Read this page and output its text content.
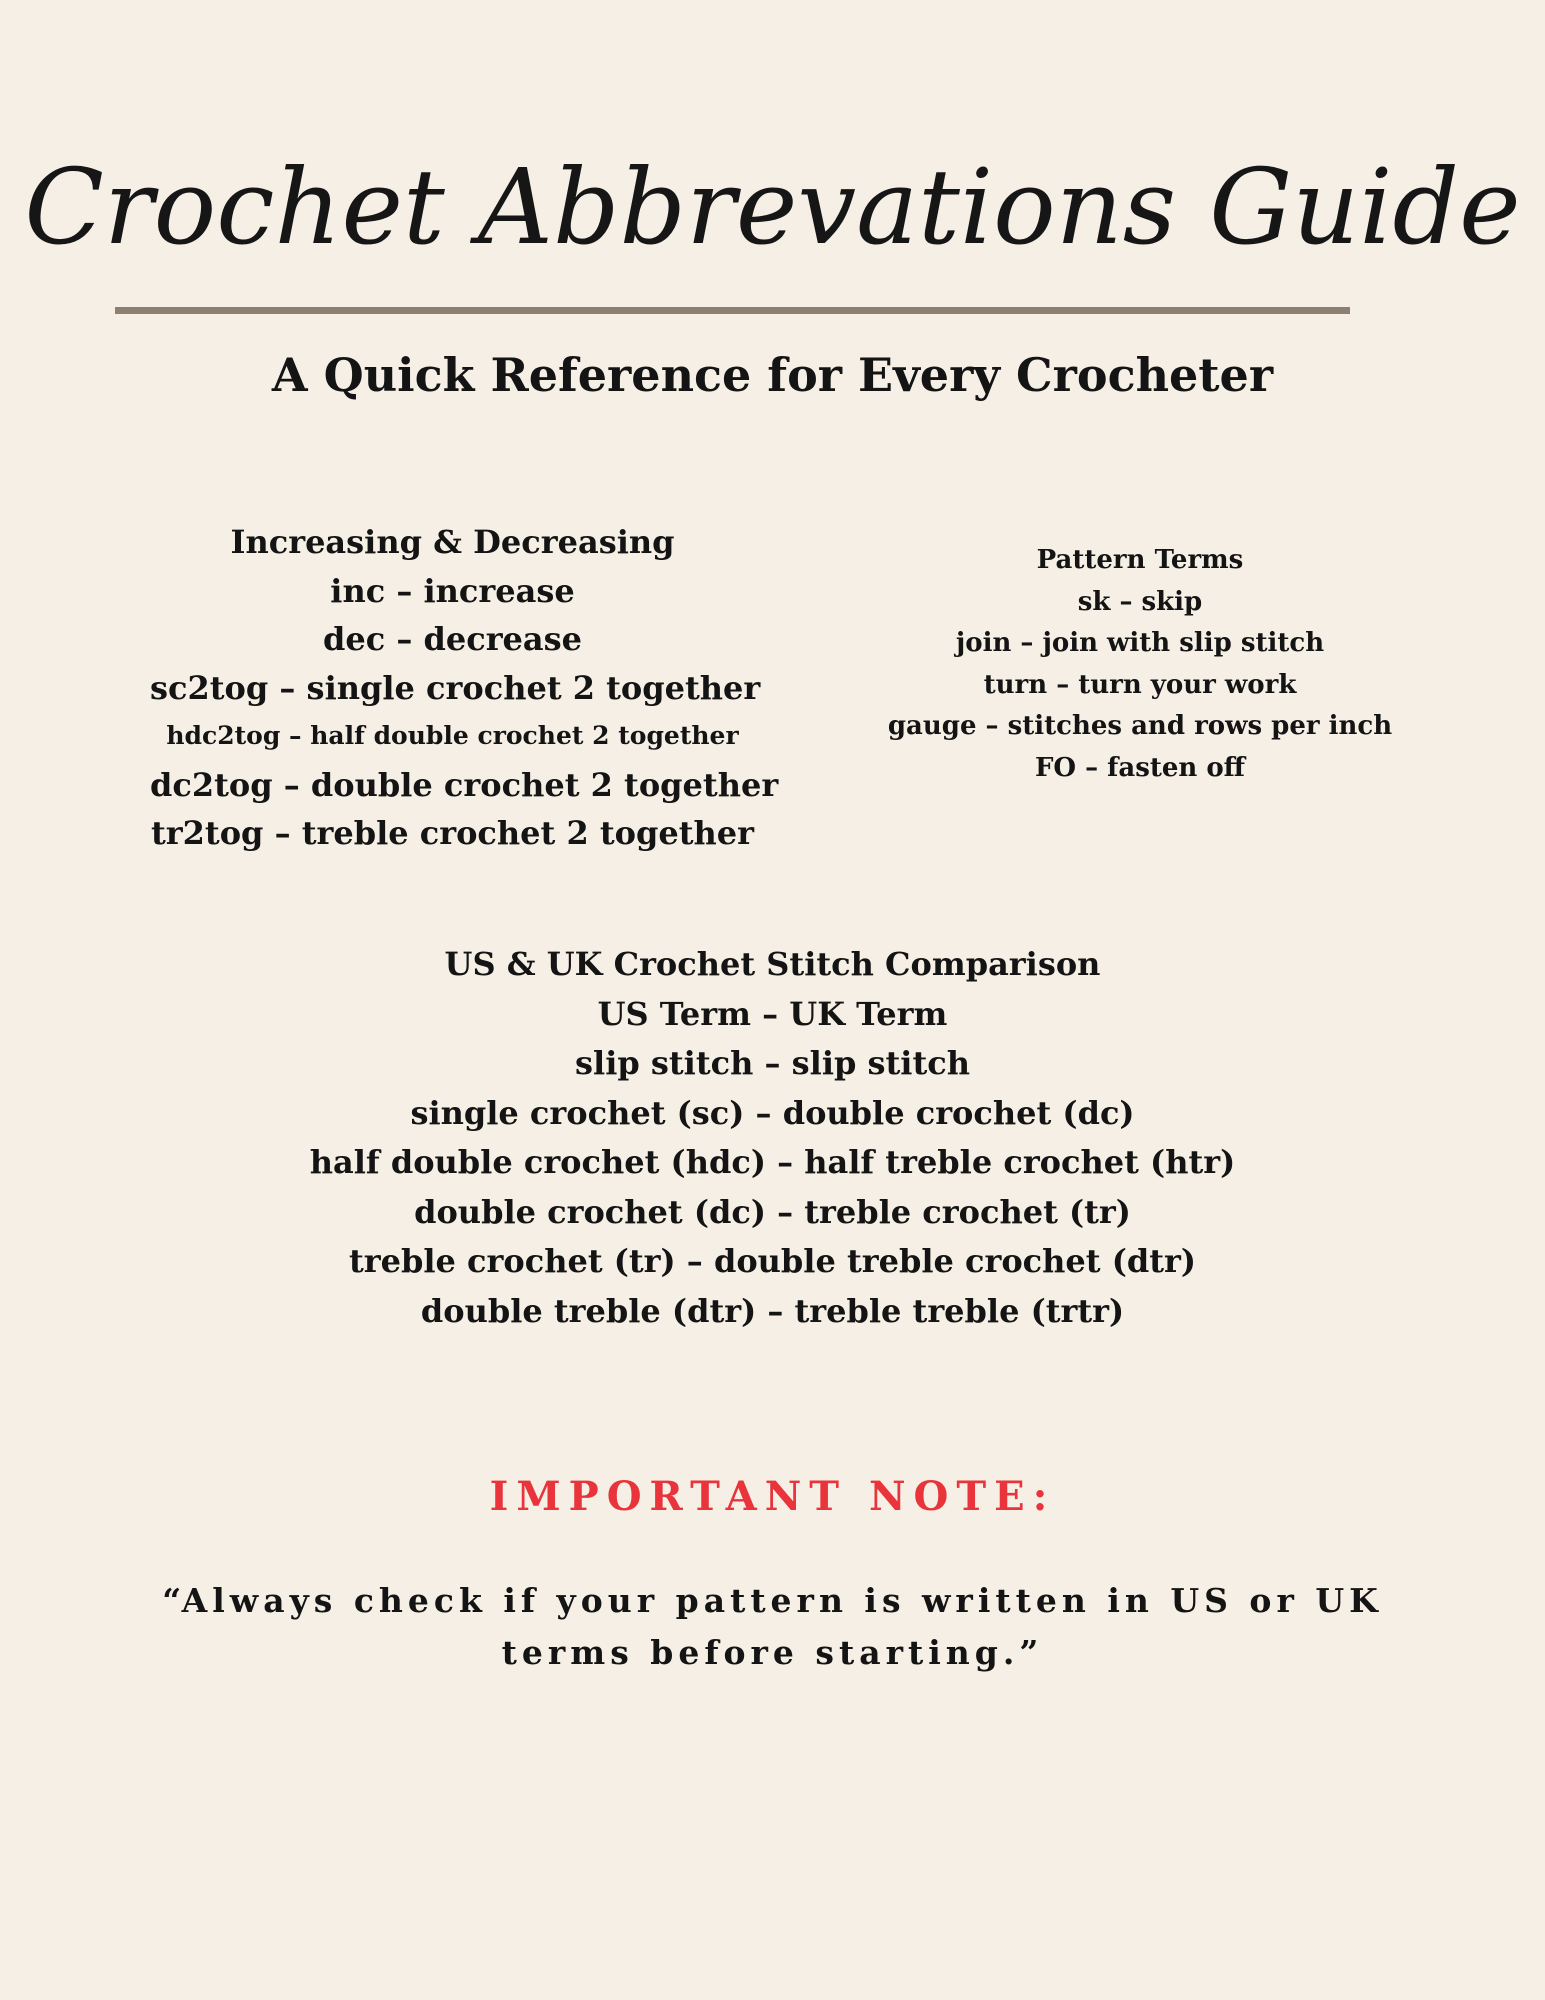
Crochet Abbrevations Guide
A Quick Reference for Every Crocheter
Increasing & Decreasing
inc – increase
dec – decrease
sc2tog – single crochet 2 together
hdc2tog – half double crochet 2 together
dc2tog – double crochet 2 together
tr2tog – treble crochet 2 together
Pattern Terms
sk – skip
join – join with slip stitch
turn – turn your work
gauge – stitches and rows per inch
FO – fasten off
US & UK Crochet Stitch Comparison
US Term – UK Term
slip stitch – slip stitch
single crochet (sc) – double crochet (dc)
half double crochet (hdc) – half treble crochet (htr)
double crochet (dc) – treble crochet (tr)
treble crochet (tr) – double treble crochet (dtr)
double treble (dtr) – treble treble (trtr)
IMPORTANT NOTE:
“Always check if your pattern is written in US or UK terms before starting.”
